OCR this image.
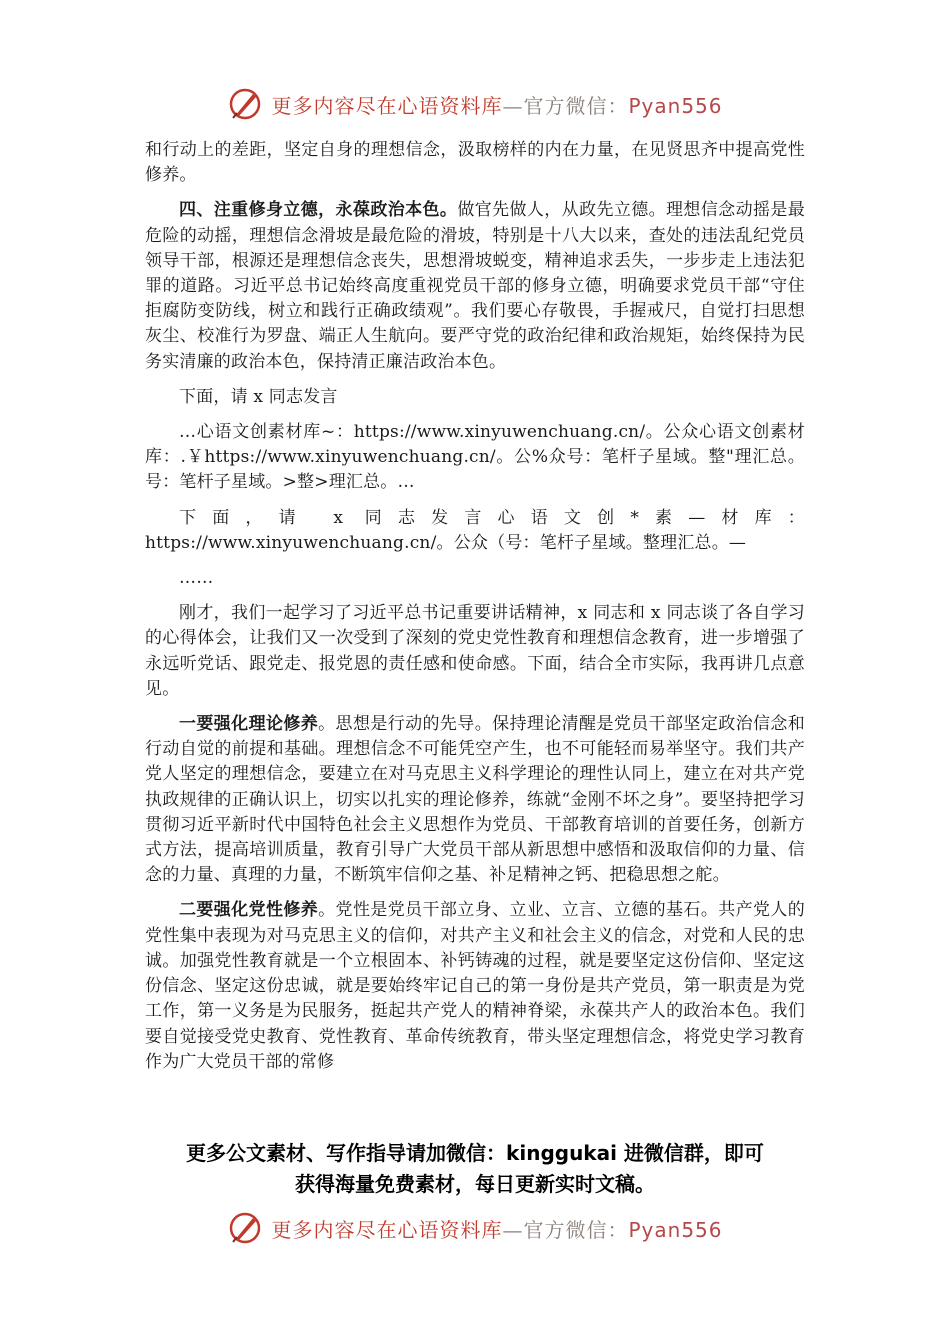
更多内容尽在心语资料库—官方微信：Pyan556

和行动上的差距，坚定自身的理想信念，汲取榜样的内在力量，在见贤思齐中提高党性修养。

四、注重修身立德，永葆政治本色。做官先做人，从政先立德。理想信念动摇是最危险的动摇，理想信念滑坡是最危险的滑坡，特别是十八大以来，查处的违法乱纪党员领导干部，根源还是理想信念丧失，思想滑坡蜕变，精神追求丢失，一步步走上违法犯罪的道路。习近平总书记始终高度重视党员干部的修身立德，明确要求党员干部“守住拒腐防变防线，树立和践行正确政绩观”。我们要心存敬畏，手握戒尺，自觉打扫思想灰尘、校准行为罗盘、端正人生航向。要严守党的政治纪律和政治规矩，始终保持为民务实清廉的政治本色，保持清正廉洁政治本色。

下面，请 x 同志发言

…心语文创素材库~：https://www.xinyuwenchuang.cn/。公众心语文创素材库：.￥https://www.xinyuwenchuang.cn/。公%众号：笔杆子星域。整"理汇总。号：笔杆子星域。>整>理汇总。…

下面，请 x 同志发言心语文创*素—材库：https://www.xinyuwenchuang.cn/。公众（号：笔杆子星域。整理汇总。—

……

刚才，我们一起学习了习近平总书记重要讲话精神，x 同志和 x 同志谈了各自学习的心得体会，让我们又一次受到了深刻的党史党性教育和理想信念教育，进一步增强了永远听党话、跟党走、报党恩的责任感和使命感。下面，结合全市实际，我再讲几点意见。

一要强化理论修养。思想是行动的先导。保持理论清醒是党员干部坚定政治信念和行动自觉的前提和基础。理想信念不可能凭空产生，也不可能轻而易举坚守。我们共产党人坚定的理想信念，要建立在对马克思主义科学理论的理性认同上，建立在对共产党执政规律的正确认识上，切实以扎实的理论修养，练就“金刚不坏之身”。要坚持把学习贯彻习近平新时代中国特色社会主义思想作为党员、干部教育培训的首要任务，创新方式方法，提高培训质量，教育引导广大党员干部从新思想中感悟和汲取信仰的力量、信念的力量、真理的力量，不断筑牢信仰之基、补足精神之钙、把稳思想之舵。

二要强化党性修养。党性是党员干部立身、立业、立言、立德的基石。共产党人的党性集中表现为对马克思主义的信仰，对共产主义和社会主义的信念，对党和人民的忠诚。加强党性教育就是一个立根固本、补钙铸魂的过程，就是要坚定这份信仰、坚定这份信念、坚定这份忠诚，就是要始终牢记自己的第一身份是共产党员，第一职责是为党工作，第一义务是为民服务，挺起共产党人的精神脊梁，永葆共产人的政治本色。我们要自觉接受党史教育、党性教育、革命传统教育，带头坚定理想信念，将党史学习教育作为广大党员干部的常修

更多公文素材、写作指导请加微信：kinggukai 进微信群，即可
获得海量免费素材，每日更新实时文稿。
更多内容尽在心语资料库—官方微信：Pyan556
